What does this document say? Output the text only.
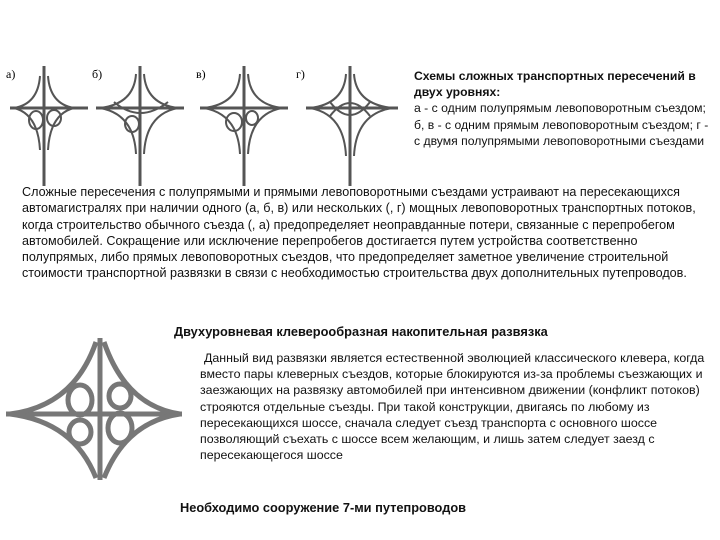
а)	б)	в)	г)	Схемы сложных транспортных пересечений в двух уровнях:
а - с одним полупрямым левоповоротным съездом; б, в - с одним прямым левоповоротным съездом; г - с двумя полупрямыми левоповоротными съездами
Сложные пересечения с полупрямыми и прямыми левоповоротными съездами устраивают на пересекающихся автомагистралях при наличии одного (а, б, в) или нескольких (, г) мощных левоповоротных транспортных потоков, когда строительство обычного съезда (, а) предопределяет неоправданные потери, связанные с перепробегом автомобилей. Сокращение или исключение перепробегов достигается путем устройства соответственно полупрямых, либо прямых левоповоротных съездов, что предопределяет заметное увеличение строительной стоимости транспортной развязки в связи с необходимостью строительства двух дополнительных путепроводов.
Двухуровневая клеверообразная накопительная развязка
Данный вид развязки является естественной эволюцией классического клевера, когда вместо пары клеверных съездов, которые блокируются из-за проблемы съезжающих и заезжающих на развязку автомобилей при интенсивном движении (конфликт потоков) строяются отдельные съезды. При такой конструкции, двигаясь по любому из пересекающихся шоссе, сначала следует съезд транспорта с основного шоссе позволяющий съехать с шоссе всем желающим, и лишь затем следует заезд с пересекающегося шоссе
Необходимо сооружение 7-ми путепроводов
